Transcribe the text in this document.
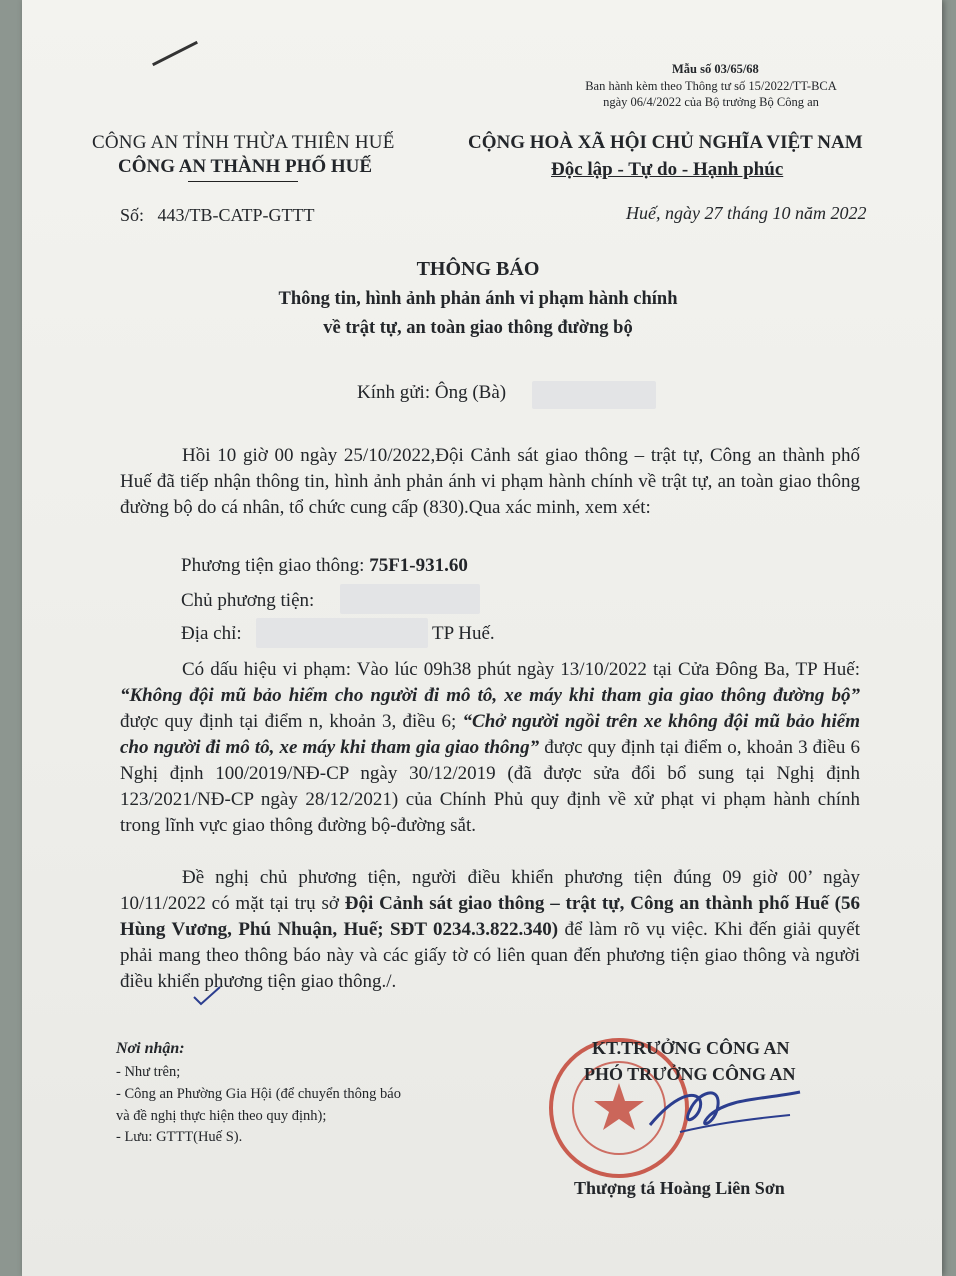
Mẫu số 03/65/68
Ban hành kèm theo Thông tư số 15/2022/TT-BCA
ngày 06/4/2022 của Bộ trưởng Bộ Công an
CÔNG AN TỈNH THỪA THIÊN HUẾ
CÔNG AN THÀNH PHỐ HUẾ
CỘNG HOÀ XÃ HỘI CHỦ NGHĨA VIỆT NAM
Độc lập - Tự do - Hạnh phúc
Số:   443/TB-CATP-GTTT	Huế, ngày 27 tháng 10 năm 2022
THÔNG BÁO
Thông tin, hình ảnh phản ánh vi phạm hành chính
về trật tự, an toàn giao thông đường bộ
Kính gửi: Ông (Bà)
Hồi 10 giờ 00 ngày 25/10/2022,Đội Cảnh sát giao thông – trật tự, Công an thành phố Huế đã tiếp nhận thông tin, hình ảnh phản ánh vi phạm hành chính về trật tự, an toàn giao thông đường bộ do cá nhân, tổ chức cung cấp (830).Qua xác minh, xem xét:
Phương tiện giao thông: 75F1-931.60
Chủ phương tiện:
Địa chỉ:	TP Huế.
Có dấu hiệu vi phạm: Vào lúc 09h38 phút ngày 13/10/2022 tại Cửa Đông Ba, TP Huế: “Không đội mũ bảo hiểm cho người đi mô tô, xe máy khi tham gia giao thông đường bộ” được quy định tại điểm n, khoản 3, điều 6; “Chở người ngồi trên xe không đội mũ bảo hiểm cho người đi mô tô, xe máy khi tham gia giao thông” được quy định tại điểm o, khoản 3 điều 6 Nghị định 100/2019/NĐ-CP ngày 30/12/2019 (đã được sửa đổi bổ sung tại Nghị định 123/2021/NĐ-CP ngày 28/12/2021) của Chính Phủ quy định về xử phạt vi phạm hành chính trong lĩnh vực giao thông đường bộ-đường sắt.
Đề nghị chủ phương tiện, người điều khiển phương tiện đúng 09 giờ 00’ ngày 10/11/2022 có mặt tại trụ sở Đội Cảnh sát giao thông – trật tự, Công an thành phố Huế (56 Hùng Vương, Phú Nhuận, Huế; SĐT 0234.3.822.340) để làm rõ vụ việc. Khi đến giải quyết phải mang theo thông báo này và các giấy tờ có liên quan đến phương tiện giao thông và người điều khiển phương tiện giao thông./.
Nơi nhận:
- Như trên;
- Công an Phường Gia Hội (để chuyển thông báo
và đề nghị thực hiện theo quy định);
- Lưu: GTTT(Huế S).
KT.TRƯỞNG CÔNG AN
PHÓ TRƯỞNG CÔNG AN
Thượng tá Hoàng Liên Sơn
